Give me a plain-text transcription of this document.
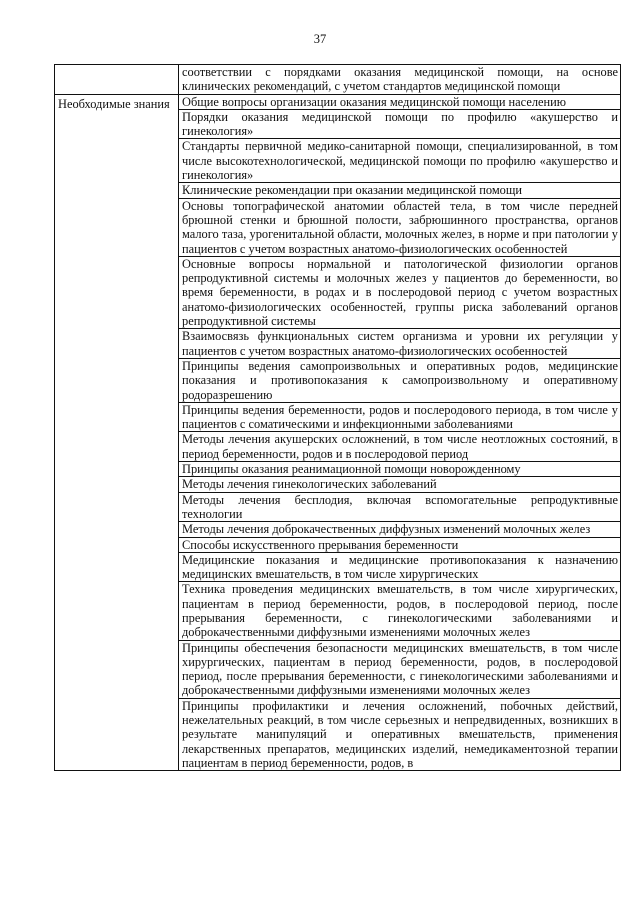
37
	соответствии с порядками оказания медицинской помощи, на основе клинических рекомендаций, с учетом стандартов медицинской помощи

Необходимые знания	Общие вопросы организации оказания медицинской помощи населению
	Порядки оказания медицинской помощи по профилю «акушерство и гинекология»
	Стандарты первичной медико-санитарной помощи, специализированной, в том числе высокотехнологической, медицинской помощи по профилю «акушерство и гинекология»
	Клинические рекомендации при оказании медицинской помощи
	Основы топографической анатомии областей тела, в том числе передней брюшной стенки и брюшной полости, забрюшинного пространства, органов малого таза, урогенитальной области, молочных желез, в норме и при патологии у пациентов с учетом возрастных анатомо-физиологических особенностей
	Основные вопросы нормальной и патологической физиологии органов репродуктивной системы и молочных желез у пациентов до беременности, во время беременности, в родах и в послеродовой период с учетом возрастных анатомо-физиологических особенностей, группы риска заболеваний органов репродуктивной системы
	Взаимосвязь функциональных систем организма и уровни их регуляции у пациентов с учетом возрастных анатомо-физиологических особенностей
	Принципы ведения самопроизвольных и оперативных родов, медицинские показания и противопоказания к самопроизвольному и оперативному родоразрешению
	Принципы ведения беременности, родов и послеродового периода, в том числе у пациентов с соматическими и инфекционными заболеваниями
	Методы лечения акушерских осложнений, в том числе неотложных состояний, в период беременности, родов и в послеродовой период
	Принципы оказания реанимационной помощи новорожденному
	Методы лечения гинекологических заболеваний
	Методы лечения бесплодия, включая вспомогательные репродуктивные технологии
	Методы лечения доброкачественных диффузных изменений молочных желез
	Способы искусственного прерывания беременности
	Медицинские показания и медицинские противопоказания к назначению медицинских вмешательств, в том числе хирургических
	Техника проведения медицинских вмешательств, в том числе хирургических, пациентам в период беременности, родов, в послеродовой период, после прерывания беременности, с гинекологическими заболеваниями и доброкачественными диффузными изменениями молочных желез
	Принципы обеспечения безопасности медицинских вмешательств, в том числе хирургических, пациентам в период беременности, родов, в послеродовой период, после прерывания беременности, с гинекологическими заболеваниями и доброкачественными диффузными изменениями молочных желез
	Принципы профилактики и лечения осложнений, побочных действий, нежелательных реакций, в том числе серьезных и непредвиденных, возникших в результате манипуляций и оперативных вмешательств, применения лекарственных препаратов, медицинских изделий, немедикаментозной терапии пациентам в период беременности, родов, в
